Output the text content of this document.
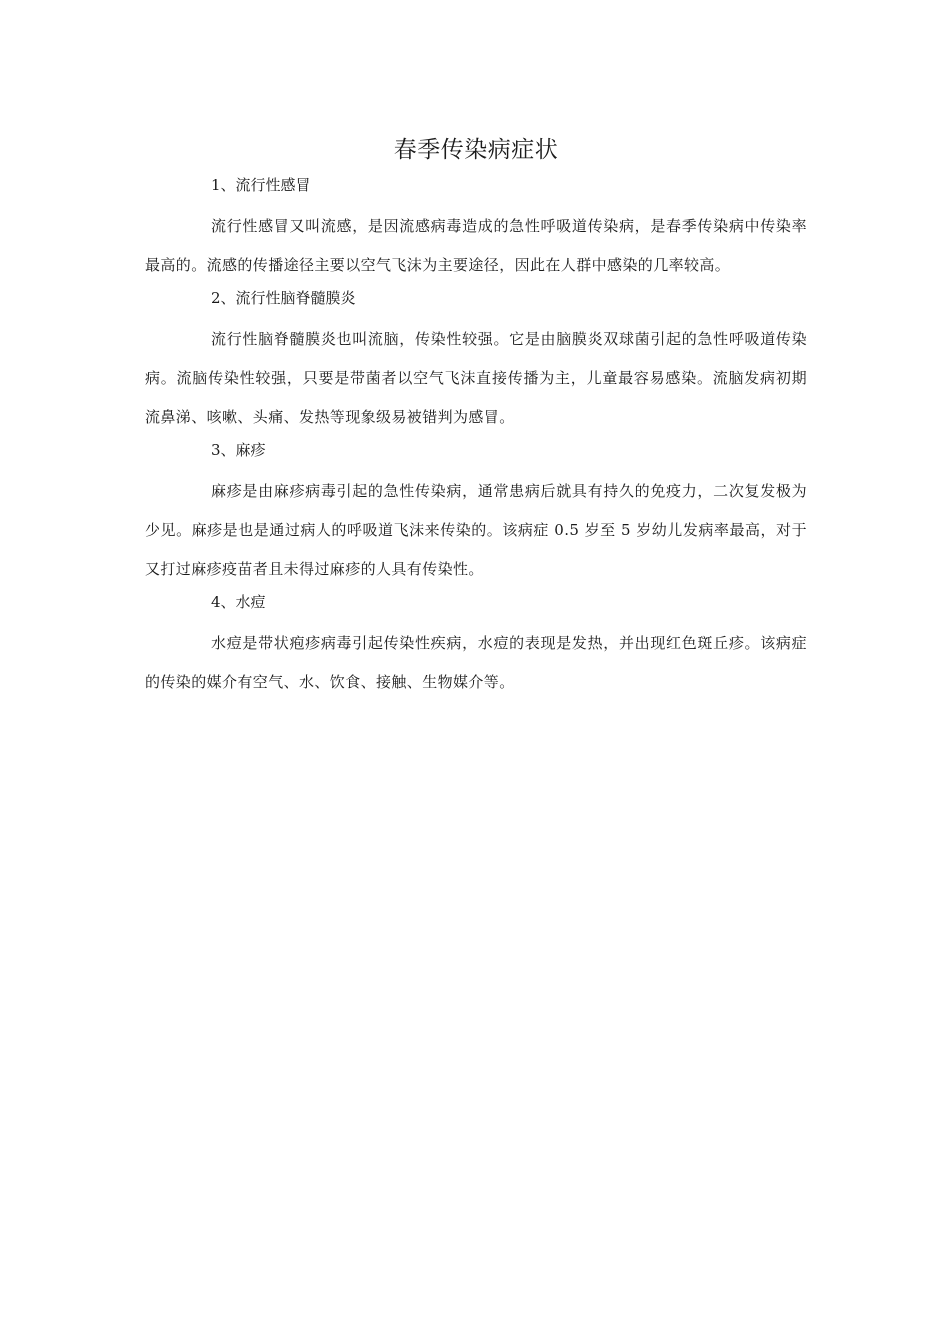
春季传染病症状

1、流行性感冒

流行性感冒又叫流感，是因流感病毒造成的急性呼吸道传染病，是春季传染病中传染率最高的。流感的传播途径主要以空气飞沫为主要途径，因此在人群中感染的几率较高。

2、流行性脑脊髓膜炎

流行性脑脊髓膜炎也叫流脑，传染性较强。它是由脑膜炎双球菌引起的急性呼吸道传染病。流脑传染性较强，只要是带菌者以空气飞沫直接传播为主，儿童最容易感染。流脑发病初期流鼻涕、咳嗽、头痛、发热等现象级易被错判为感冒。

3、麻疹

麻疹是由麻疹病毒引起的急性传染病，通常患病后就具有持久的免疫力，二次复发极为少见。麻疹是也是通过病人的呼吸道飞沫来传染的。该病症 0.5 岁至 5 岁幼儿发病率最高，对于又打过麻疹疫苗者且未得过麻疹的人具有传染性。

4、水痘

水痘是带状疱疹病毒引起传染性疾病，水痘的表现是发热，并出现红色斑丘疹。该病症的传染的媒介有空气、水、饮食、接触、生物媒介等。
